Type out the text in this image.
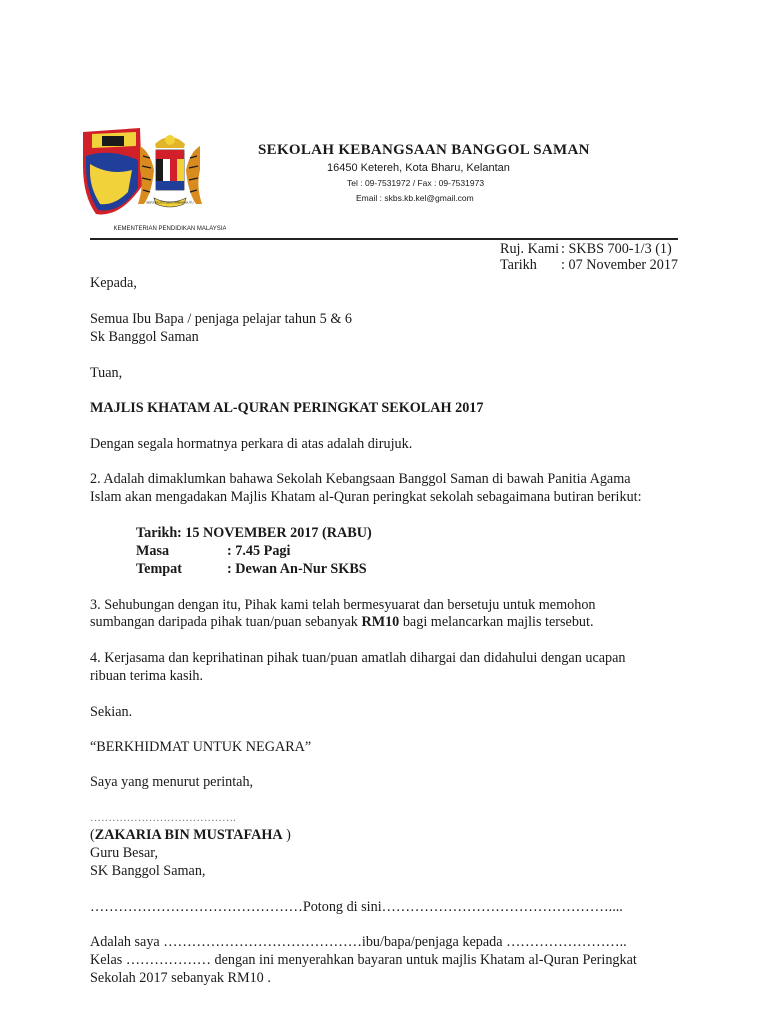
BERSEKUTU BERTAMBAH MUTU
KEMENTERIAN PENDIDIKAN MALAYSIA
SEKOLAH KEBANGSAAN BANGGOL SAMAN
16450 Ketereh, Kota Bharu, Kelantan
Tel : 09-7531972 / Fax : 09-7531973
Email : skbs.kb.kel@gmail.com
Ruj. Kami : SKBS 700-1/3 (1)
Tarikh : 07 November 2017
Kepada,
Semua Ibu Bapa / penjaga pelajar tahun 5 & 6
Sk Banggol Saman
Tuan,
MAJLIS KHATAM AL-QURAN PERINGKAT SEKOLAH 2017
Dengan segala hormatnya perkara di atas adalah dirujuk.
2. Adalah dimaklumkan bahawa Sekolah Kebangsaan Banggol Saman di bawah Panitia Agama
Islam akan mengadakan Majlis Khatam al-Quran peringkat sekolah sebagaimana butiran berikut:
Tarikh : 15 NOVEMBER 2017 (RABU)
Masa	: 7.45 Pagi
Tempat	: Dewan An-Nur SKBS
3. Sehubungan dengan itu, Pihak kami telah bermesyuarat dan bersetuju untuk memohon
sumbangan daripada pihak tuan/puan sebanyak RM10 bagi melancarkan majlis tersebut.
4. Kerjasama dan keprihatinan pihak tuan/puan amatlah dihargai dan didahului dengan ucapan
ribuan terima kasih.
Sekian.
“BERKHIDMAT UNTUK NEGARA”
Saya yang menurut perintah,
………………………………….
(ZAKARIA BIN MUSTAFAHA )
Guru Besar,
SK Banggol Saman,
………………………………………Potong di sini…………………………………………....
Adalah saya ……………………………………ibu/bapa/penjaga kepada ……………………..
Kelas ……………… dengan ini menyerahkan bayaran untuk majlis Khatam al-Quran Peringkat
Sekolah 2017 sebanyak RM10 .
